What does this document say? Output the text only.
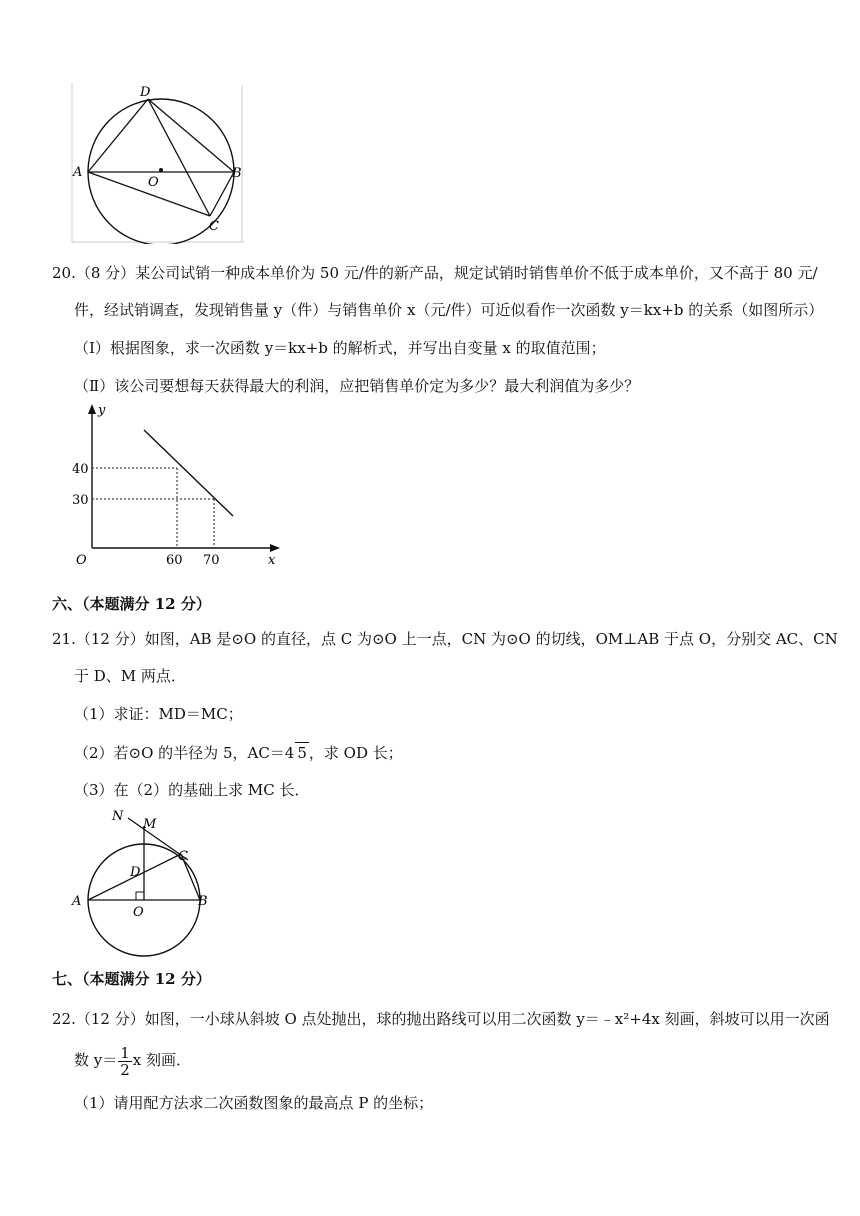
D
A
O
B
C
20.（8 分）某公司试销一种成本单价为 50 元/件的新产品，规定试销时销售单价不低于成本单价，又不高于 80 元/
件，经试销调查，发现销售量 y（件）与销售单价 x（元/件）可近似看作一次函数 y＝kx+b 的关系（如图所示）
（I）根据图象，求一次函数 y＝kx+b 的解析式，并写出自变量 x 的取值范围；
（Ⅱ）该公司要想每天获得最大的利润，应把销售单价定为多少？最大利润值为多少？
y
x
O
40
30
60 70
六、（本题满分 12 分）
21.（12 分）如图，AB 是⊙O 的直径，点 C 为⊙O 上一点，CN 为⊙O 的切线，OM⊥AB 于点 O，分别交 AC、CN
于 D、M 两点．
（1）求证：MD＝MC；
（2）若⊙O 的半径为 5，AC＝4 5 ，求 OD 长；
（3）在（2）的基础上求 MC 长．
N
M
C
D
A
O
B
七、（本题满分 12 分）
22.（12 分）如图，一小球从斜坡 O 点处抛出，球的抛出路线可以用二次函数 y＝﹣x²+4x 刻画，斜坡可以用一次函
数 $y= \frac{1}{2}$ x 刻画．
（1）请用配方法求二次函数图象的最高点 P 的坐标；
